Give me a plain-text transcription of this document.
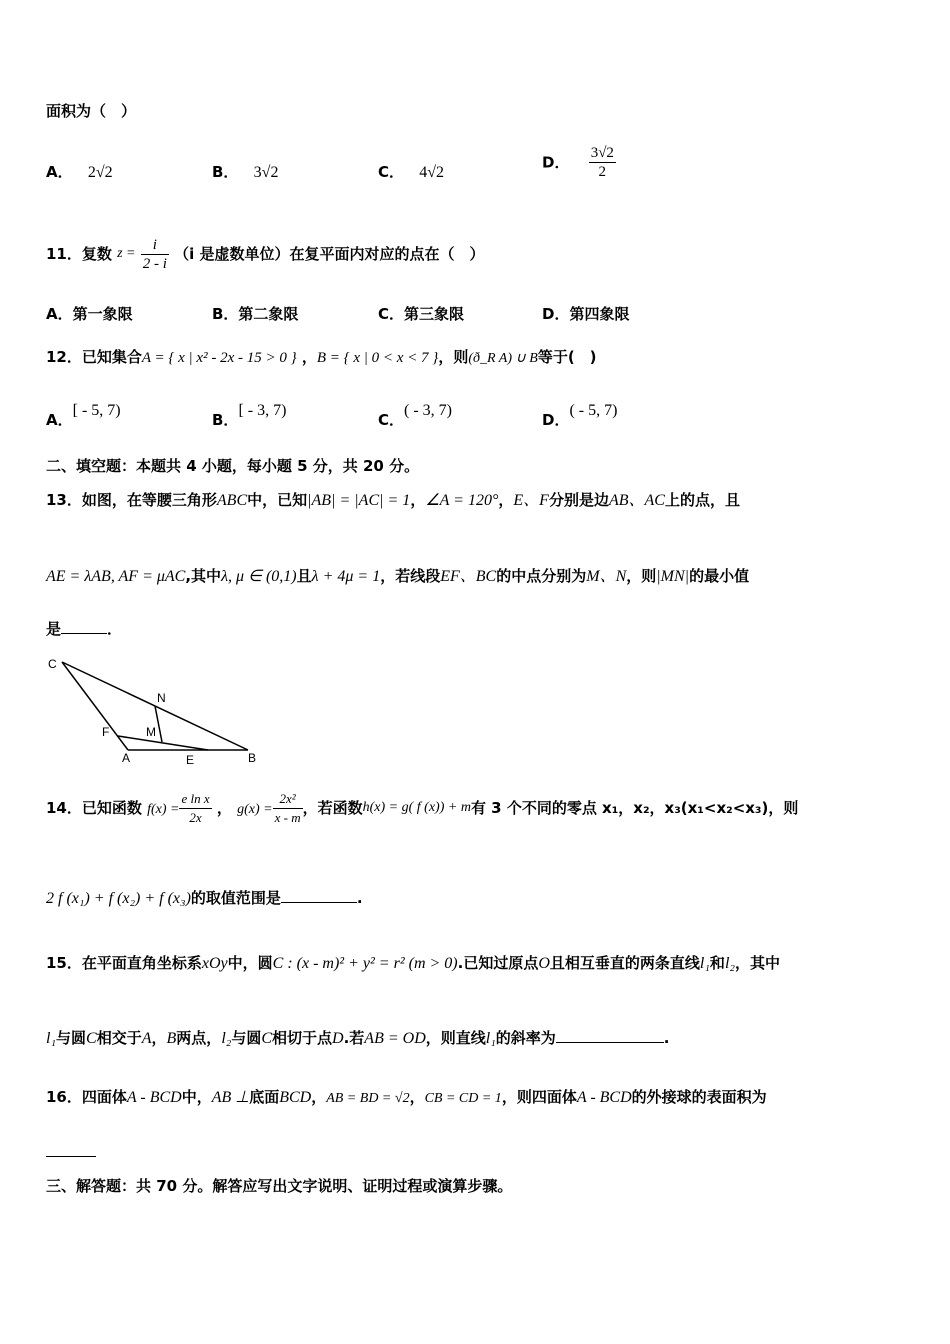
面积为（　）
A． 2√2	B． 3√2	C． 4√2
D． $\frac{3√2}{2}$
11．复数 $z = \frac{i}{2 - i} (i$ 是虚数单位）在复平面内对应的点在（　）
A．第一象限	B．第二象限	C．第三象限	D．第四象限
12．已知集合A = { x | x² - 2x - 15 > 0 } ，B = { x | 0 < x < 7 }，则(ð_R A) ∪ B等于(　)
A．[ - 5, 7)
B．[ - 3, 7)
C．( - 3, 7)
D．( - 5, 7)
二、填空题：本题共 4 小题，每小题 5 分，共 20 分。
13．如图，在等腰三角形ABC中，已知|AB| = |AC| = 1，∠A = 120°，E、F分别是边AB、AC上的点，且
AE = λAB, AF = μAC,其中λ, μ ∈ (0,1)且λ + 4μ = 1，若线段EF、BC的中点分别为M、N，则|MN|的最小值
是	．
C
N
F	M
A	E	B
14．已知函数 $f(x) = \frac{\text{e ln x}}{2x}$ ， $g(x) = \frac{\text{2x²}}{x - m}$ ，若函数h(x) = g( f (x)) + m有 3 个不同的零点 x₁，x₂，x₃(x₁<x₂<x₃)，则
2 f (x₁) + f (x₂) + f (x₃)的取值范围是	.
15．在平面直角坐标系xOy中，圆C : (x - m)² + y² = r² (m > 0).已知过原点O且相互垂直的两条直线l₁和l₂，其中
l₁与圆C相交于A，B两点，l₂与圆C相切于点D.若AB = OD，则直线l₁的斜率为	.
16．四面体A - BCD中，AB ⊥底面BCD，AB = BD = √2，CB = CD = 1，则四面体A - BCD的外接球的表面积为
三、解答题：共 70 分。解答应写出文字说明、证明过程或演算步骤。
